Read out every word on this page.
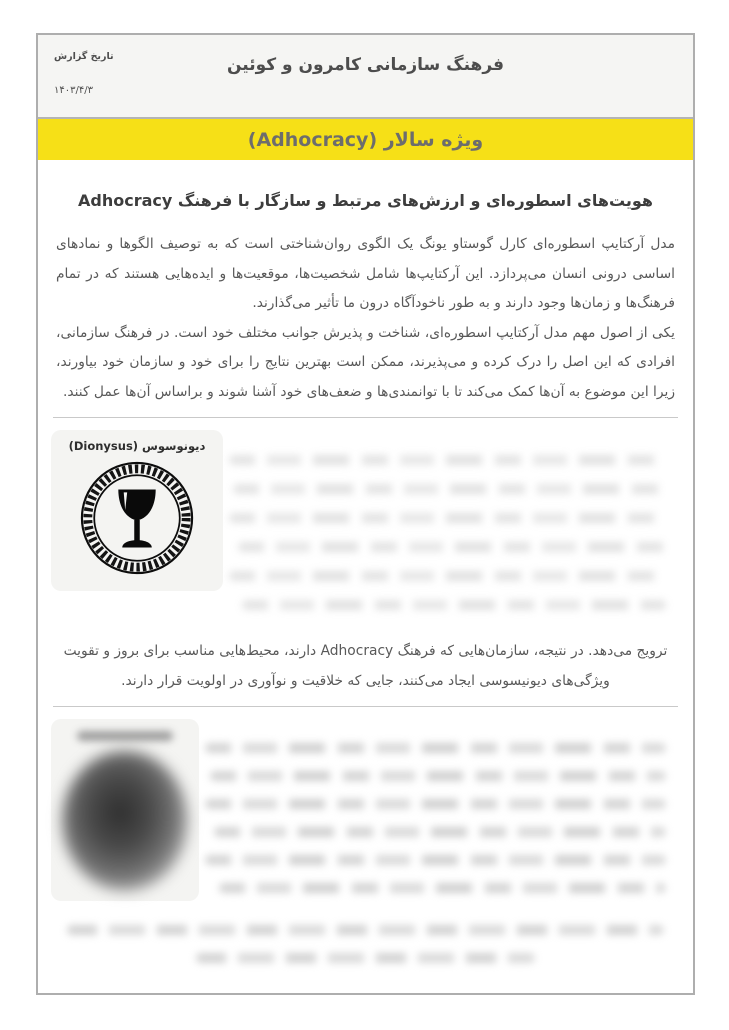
فرهنگ سازمانی کامرون و کوئین
تاریخ گزارش
۱۴۰۳/۴/۳
ویژه سالار (Adhocracy)
هویت‌های اسطوره‌ای و ارزش‌های مرتبط و سازگار با فرهنگ Adhocracy

مدل آرکتایپ اسطوره‌ای کارل گوستاو یونگ یک الگوی روان‌شناختی است که به توصیف الگوها و نمادهای اساسی درونی انسان می‌پردازد. این آرکتایپ‌ها شامل شخصیت‌ها، موقعیت‌ها و ایده‌هایی هستند که در تمام فرهنگ‌ها و زمان‌ها وجود دارند و به طور ناخودآگاه درون ما تأثیر می‌گذارند.

یکی از اصول مهم مدل آرکتایپ اسطوره‌ای، شناخت و پذیرش جوانب مختلف خود است. در فرهنگ سازمانی، افرادی که این اصل را درک کرده و می‌پذیرند، ممکن است بهترین نتایج را برای خود و سازمان خود بیاورند، زیرا این موضوع به آن‌ها کمک می‌کند تا با توانمندی‌ها و ضعف‌های خود آشنا شوند و براساس آن‌ها عمل کنند.

دیونوسوس (Dionysus)

ترویج می‌دهد. در نتیجه، سازمان‌هایی که فرهنگ Adhocracy دارند، محیط‌هایی مناسب برای بروز و تقویت ویژگی‌های دیونیسوسی ایجاد می‌کنند، جایی که خلاقیت و نوآوری در اولویت قرار دارند.
